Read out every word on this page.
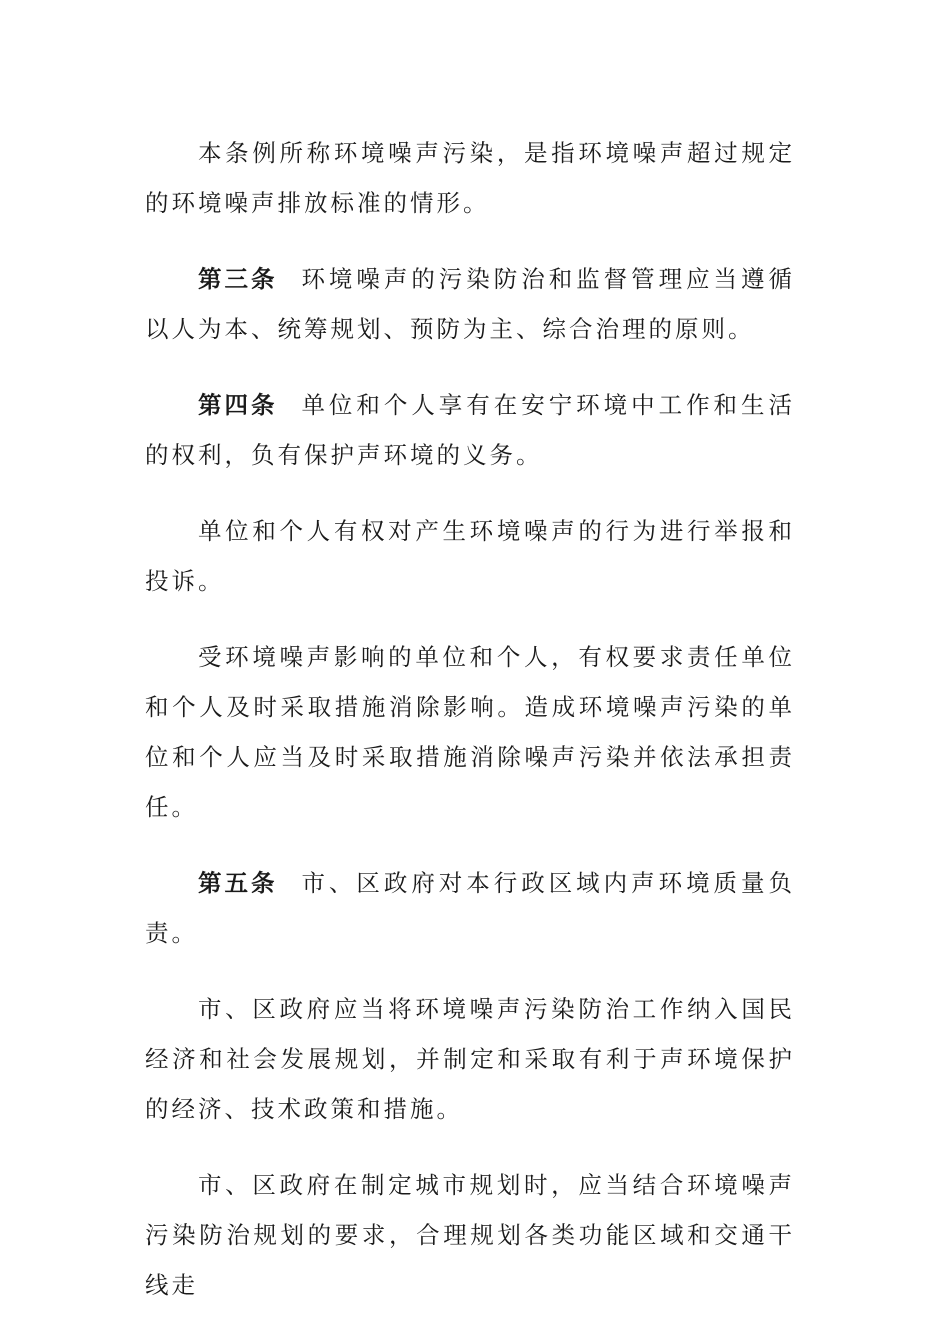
本条例所称环境噪声污染，是指环境噪声超过规定的环境噪声排放标准的情形。

第三条 环境噪声的污染防治和监督管理应当遵循以人为本、统筹规划、预防为主、综合治理的原则。

第四条 单位和个人享有在安宁环境中工作和生活的权利，负有保护声环境的义务。

单位和个人有权对产生环境噪声的行为进行举报和投诉。

受环境噪声影响的单位和个人，有权要求责任单位和个人及时采取措施消除影响。造成环境噪声污染的单位和个人应当及时采取措施消除噪声污染并依法承担责任。

第五条 市、区政府对本行政区域内声环境质量负责。

市、区政府应当将环境噪声污染防治工作纳入国民经济和社会发展规划，并制定和采取有利于声环境保护的经济、技术政策和措施。

市、区政府在制定城市规划时，应当结合环境噪声污染防治规划的要求，合理规划各类功能区域和交通干线走
